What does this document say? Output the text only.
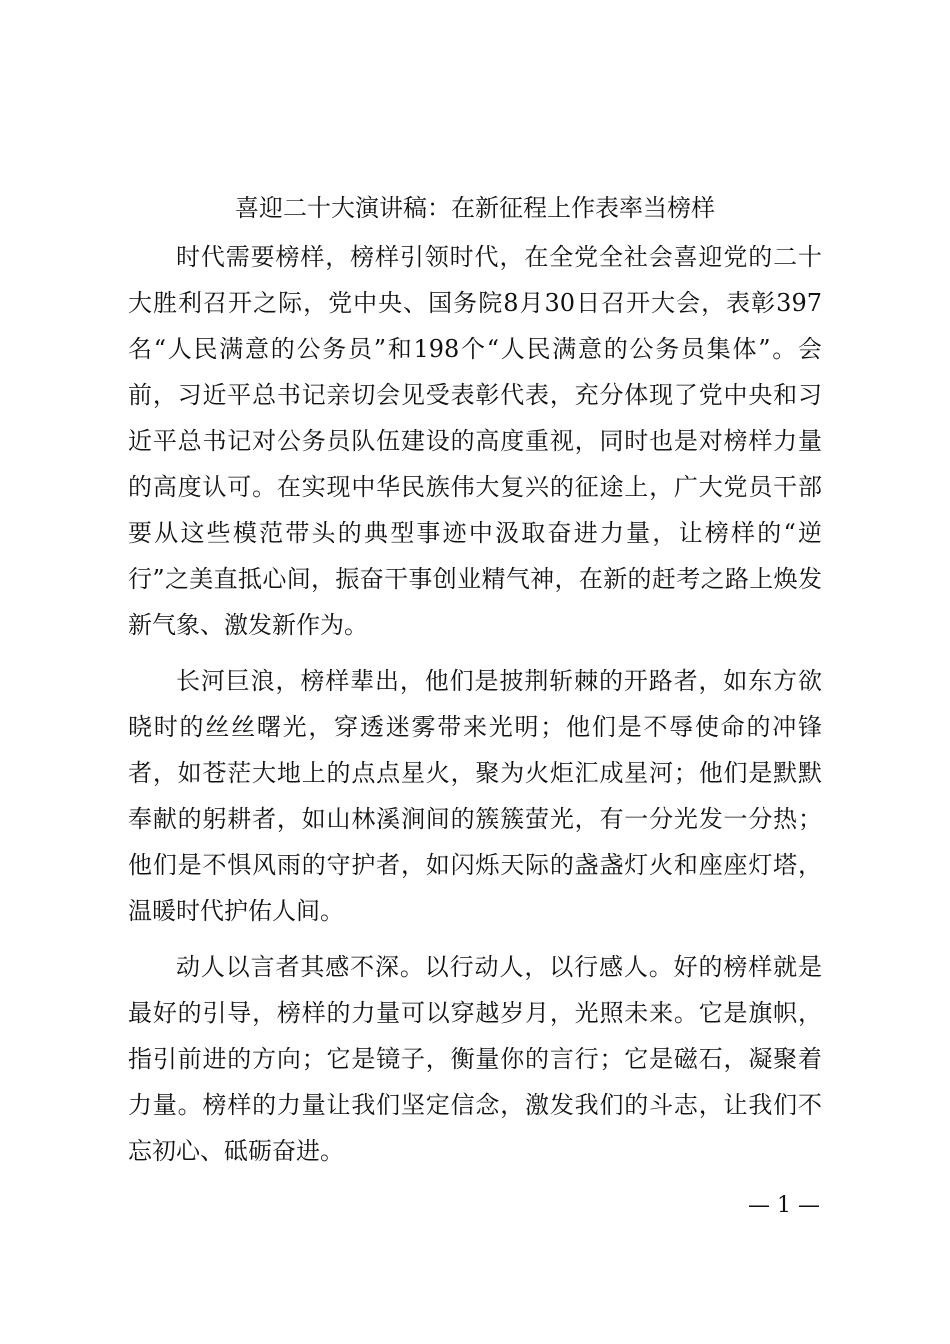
喜迎二十大演讲稿：在新征程上作表率当榜样

时代需要榜样，榜样引领时代，在全党全社会喜迎党的二十大胜利召开之际，党中央、国务院8月30日召开大会，表彰397名“人民满意的公务员”和198个“人民满意的公务员集体”。会前，习近平总书记亲切会见受表彰代表，充分体现了党中央和习近平总书记对公务员队伍建设的高度重视，同时也是对榜样力量的高度认可。在实现中华民族伟大复兴的征途上，广大党员干部要从这些模范带头的典型事迹中汲取奋进力量，让榜样的“逆行”之美直抵心间，振奋干事创业精气神，在新的赶考之路上焕发新气象、激发新作为。

长河巨浪，榜样辈出，他们是披荆斩棘的开路者，如东方欲晓时的丝丝曙光，穿透迷雾带来光明；他们是不辱使命的冲锋者，如苍茫大地上的点点星火，聚为火炬汇成星河；他们是默默奉献的躬耕者，如山林溪涧间的簇簇萤光，有一分光发一分热；他们是不惧风雨的守护者，如闪烁天际的盏盏灯火和座座灯塔，温暖时代护佑人间。

动人以言者其感不深。以行动人，以行感人。好的榜样就是最好的引导，榜样的力量可以穿越岁月，光照未来。它是旗帜，指引前进的方向；它是镜子，衡量你的言行；它是磁石，凝聚着力量。榜样的力量让我们坚定信念，激发我们的斗志，让我们不忘初心、砥砺奋进。

— 1 —
